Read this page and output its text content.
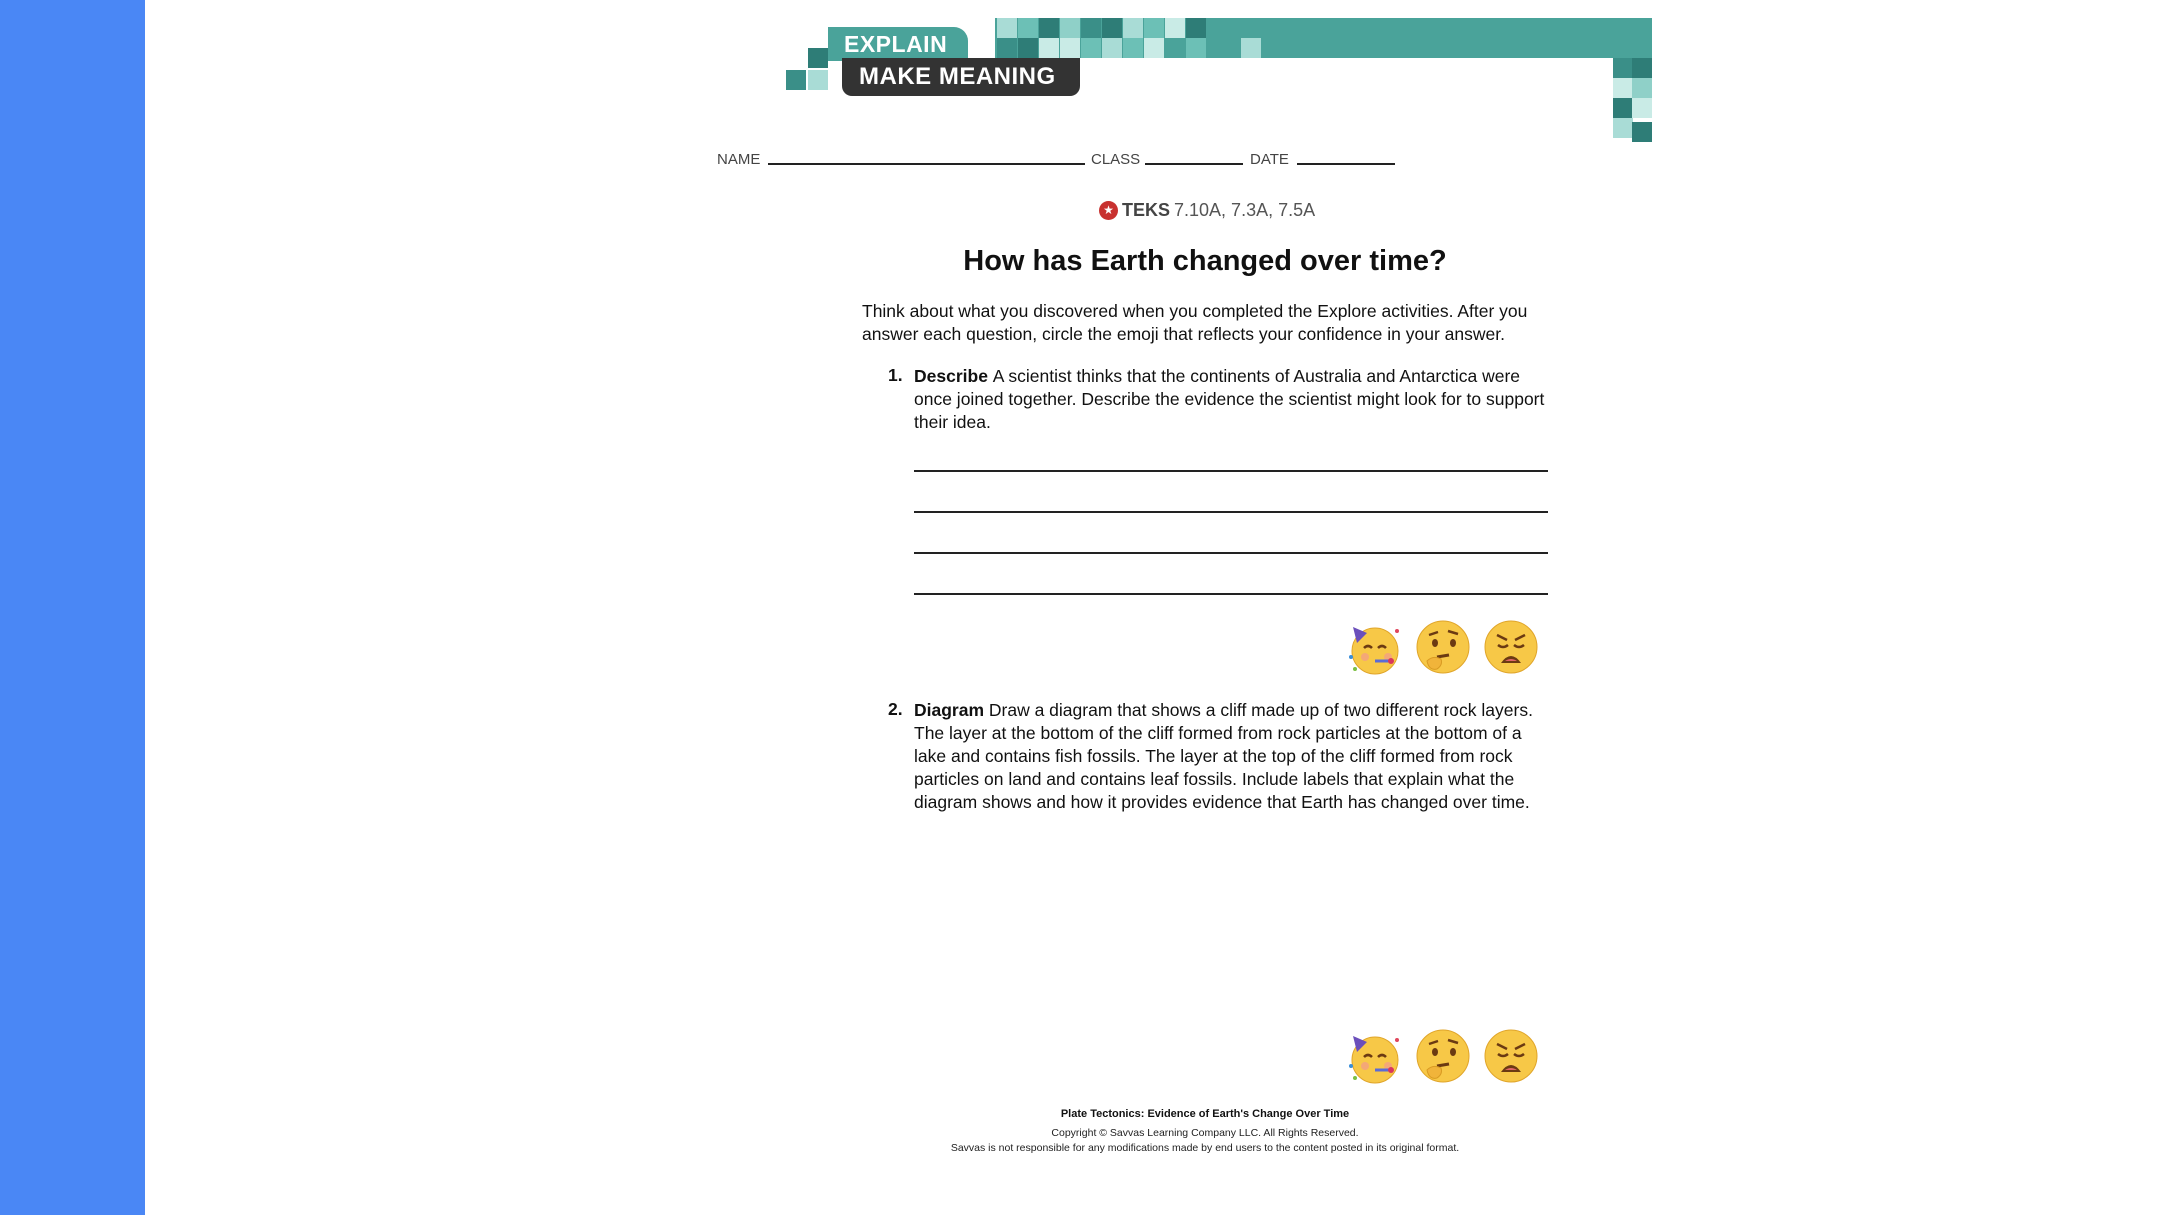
EXPLAIN
MAKE MEANING
NAME	CLASS	DATE
★ TEKS 7.10A, 7.3A, 7.5A
How has Earth changed over time?
Think about what you discovered when you completed the Explore activities. After you answer each question, circle the emoji that reflects your confidence in your answer.
1. Describe A scientist thinks that the continents of Australia and Antarctica were once joined together. Describe the evidence the scientist might look for to support their idea.
2. Diagram Draw a diagram that shows a cliff made up of two different rock layers. The layer at the bottom of the cliff formed from rock particles at the bottom of a lake and contains fish fossils. The layer at the top of the cliff formed from rock particles on land and contains leaf fossils. Include labels that explain what the diagram shows and how it provides evidence that Earth has changed over time.
Plate Tectonics: Evidence of Earth's Change Over Time
Copyright © Savvas Learning Company LLC. All Rights Reserved.
Savvas is not responsible for any modifications made by end users to the content posted in its original format.
